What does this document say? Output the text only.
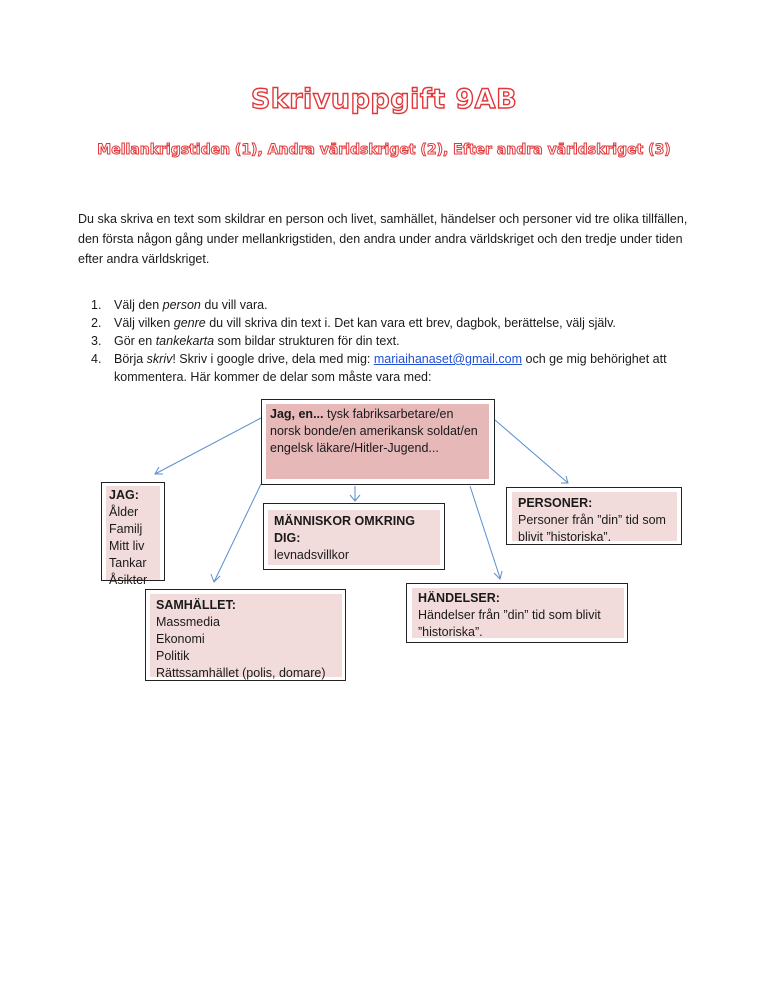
Skrivuppgift 9AB
Mellankrigstiden (1), Andra världskriget (2), Efter andra världskriget (3)

Du ska skriva en text som skildrar en person och livet, samhället, händelser och personer vid tre olika tillfällen, den första någon gång under mellankrigstiden, den andra under andra världskriget och den tredje under tiden efter andra världskriget.

1. Välj den person du vill vara.
2. Välj vilken genre du vill skriva din text i. Det kan vara ett brev, dagbok, berättelse, välj själv.
3. Gör en tankekarta som bildar strukturen för din text.
4. Börja skriv! Skriv i google drive, dela med mig: mariaihanaset@gmail.com och ge mig behörighet att kommentera. Här kommer de delar som måste vara med:
Jag, en... tysk fabriksarbetare/en norsk bonde/en amerikansk soldat/en engelsk läkare/Hitler-Jugend...
JAG:
Ålder
Familj
Mitt liv
Tankar
Åsikter
MÄNNISKOR OMKRING
DIG:
levnadsvillkor
PERSONER:
Personer från ”din” tid som blivit ”historiska”.
SAMHÄLLET:
Massmedia
Ekonomi
Politik
Rättssamhället (polis, domare)
HÄNDELSER:
Händelser från ”din” tid som blivit ”historiska”.
